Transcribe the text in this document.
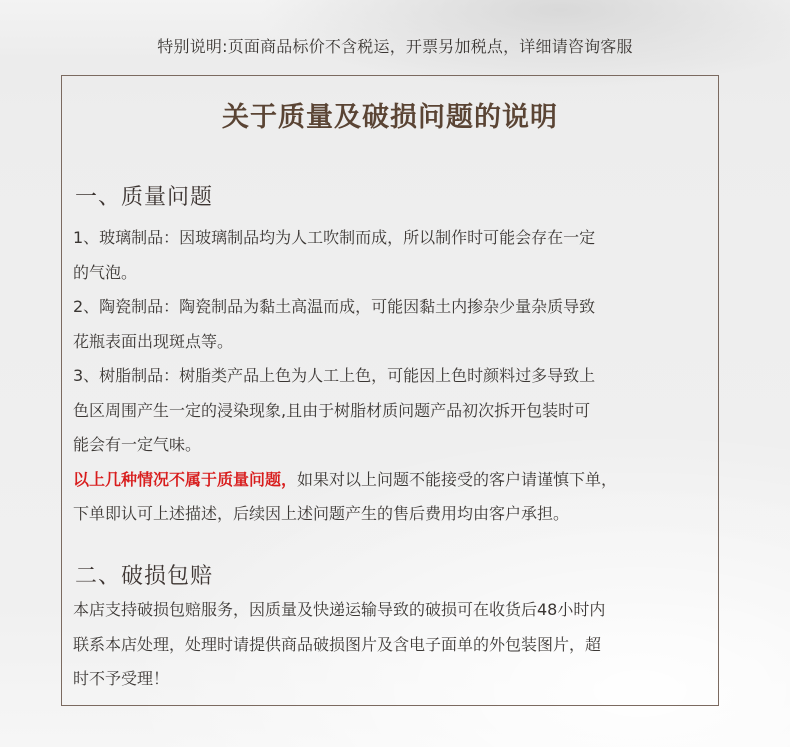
特别说明:页面商品标价不含税运，开票另加税点，详细请咨询客服
关于质量及破损问题的说明
一、质量问题

1、玻璃制品：因玻璃制品均为人工吹制而成，所以制作时可能会存在一定

的气泡。

2、陶瓷制品：陶瓷制品为黏土高温而成，可能因黏土内掺杂少量杂质导致

花瓶表面出现斑点等。

3、树脂制品：树脂类产品上色为人工上色，可能因上色时颜料过多导致上

色区周围产生一定的浸染现象,且由于树脂材质问题产品初次拆开包装时可

能会有一定气味。

以上几种情况不属于质量问题，如果对以上问题不能接受的客户请谨慎下单，

下单即认可上述描述，后续因上述问题产生的售后费用均由客户承担。

二、破损包赔

本店支持破损包赔服务，因质量及快递运输导致的破损可在收货后48小时内

联系本店处理，处理时请提供商品破损图片及含电子面单的外包装图片，超

时不予受理！
